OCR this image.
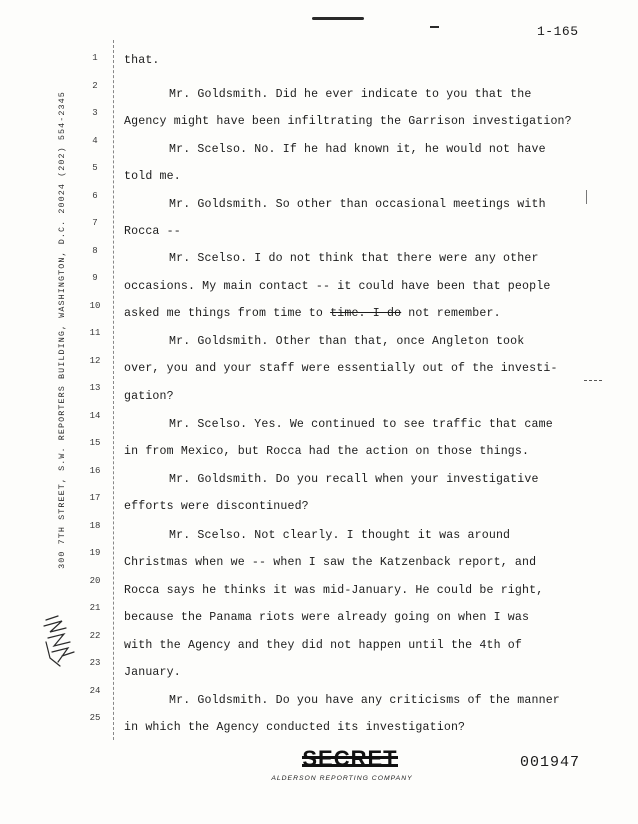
1-165
300 7TH STREET, S.W. REPORTERS BUILDING, WASHINGTON, D.C. 20024 (202) 554-2345
1
2
3
4
5
6
7
8
9
10
11
12
13
14
15
16
17
18
19
20
21
22
23
24
25
that.
Mr. Goldsmith. Did he ever indicate to you that the
Agency might have been infiltrating the Garrison investigation?
Mr. Scelso. No. If he had known it, he would not have
told me.
Mr. Goldsmith. So other than occasional meetings with
Rocca --
Mr. Scelso. I do not think that there were any other
occasions. My main contact -- it could have been that people
asked me things from time to time. I do not remember.
Mr. Goldsmith. Other than that, once Angleton took
over, you and your staff were essentially out of the investi-
gation?
Mr. Scelso. Yes. We continued to see traffic that came
in from Mexico, but Rocca had the action on those things.
Mr. Goldsmith. Do you recall when your investigative
efforts were discontinued?
Mr. Scelso. Not clearly. I thought it was around
Christmas when we -- when I saw the Katzenback report, and
Rocca says he thinks it was mid-January. He could be right,
because the Panama riots were already going on when I was
with the Agency and they did not happen until the 4th of
January.
Mr. Goldsmith. Do you have any criticisms of the manner
in which the Agency conducted its investigation?
ALDERSON REPORTING COMPANY
001947
